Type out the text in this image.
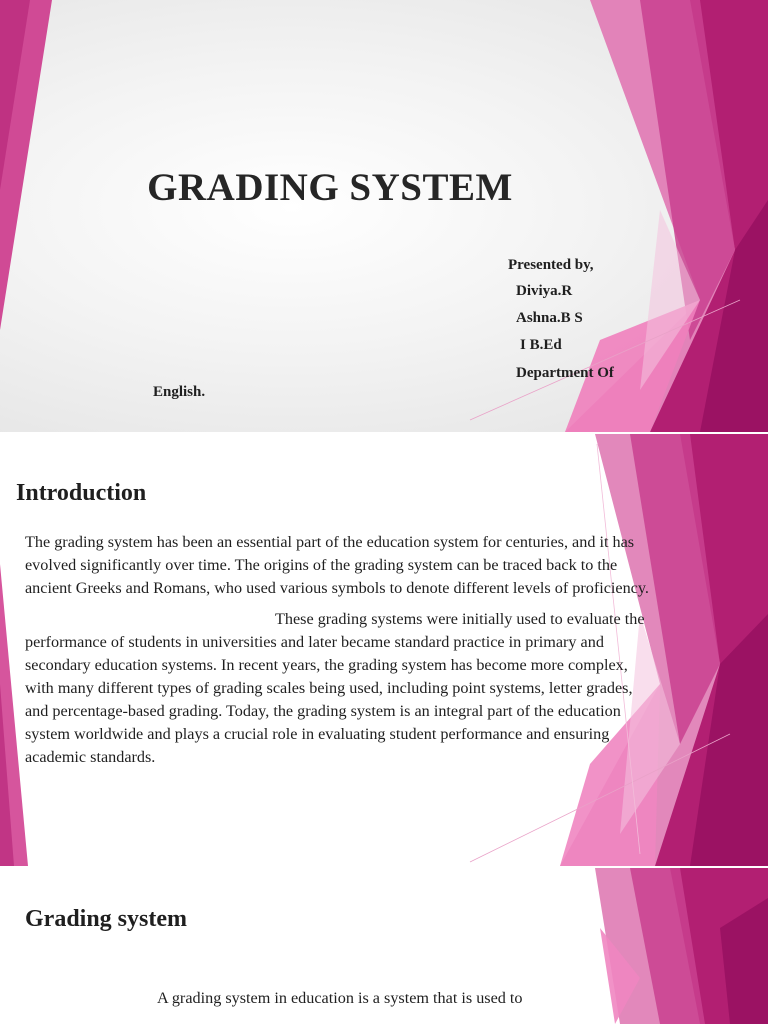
GRADING SYSTEM
Presented by,
Diviya.R
Ashna.B S
I B.Ed
Department Of
English.
Introduction

The grading system has been an essential part of the education system for centuries, and it has evolved significantly over time. The origins of the grading system can be traced back to the ancient Greeks and Romans, who used various symbols to denote different levels of proficiency.

These grading systems were initially used to evaluate the performance of students in universities and later became standard practice in primary and secondary education systems. In recent years, the grading system has become more complex, with many different types of grading scales being used, including point systems, letter grades, and percentage-based grading. Today, the grading system is an integral part of the education system worldwide and plays a crucial role in evaluating student performance and ensuring academic standards.

Grading system
A grading system in education is a system that is used to
